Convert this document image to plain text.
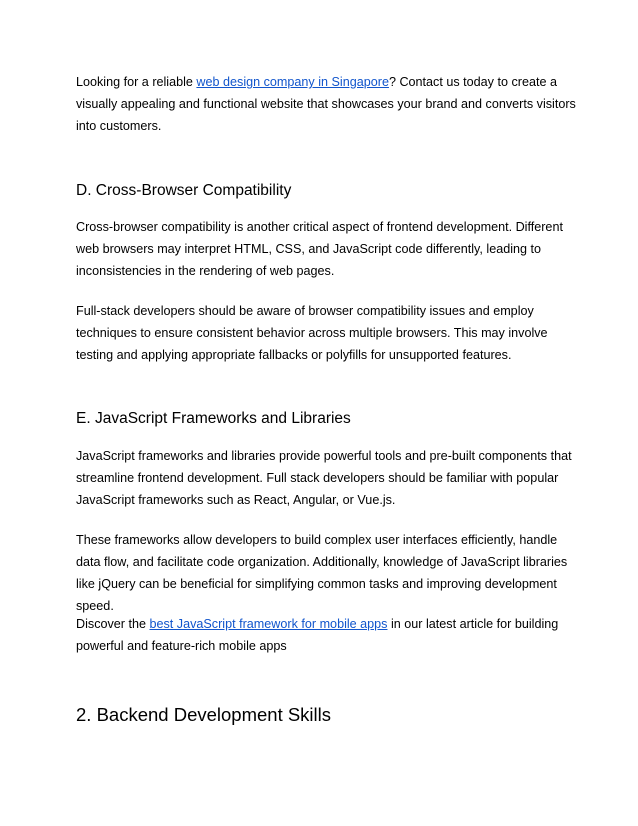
Looking for a reliable web design company in Singapore? Contact us today to create a visually appealing and functional website that showcases your brand and converts visitors into customers.

D. Cross-Browser Compatibility

Cross-browser compatibility is another critical aspect of frontend development. Different web browsers may interpret HTML, CSS, and JavaScript code differently, leading to inconsistencies in the rendering of web pages.

Full-stack developers should be aware of browser compatibility issues and employ techniques to ensure consistent behavior across multiple browsers. This may involve testing and applying appropriate fallbacks or polyfills for unsupported features.

E. JavaScript Frameworks and Libraries

JavaScript frameworks and libraries provide powerful tools and pre-built components that streamline frontend development. Full stack developers should be familiar with popular JavaScript frameworks such as React, Angular, or Vue.js.

These frameworks allow developers to build complex user interfaces efficiently, handle data flow, and facilitate code organization. Additionally, knowledge of JavaScript libraries like jQuery can be beneficial for simplifying common tasks and improving development speed.

Discover the best JavaScript framework for mobile apps in our latest article for building powerful and feature-rich mobile apps

2. Backend Development Skills
